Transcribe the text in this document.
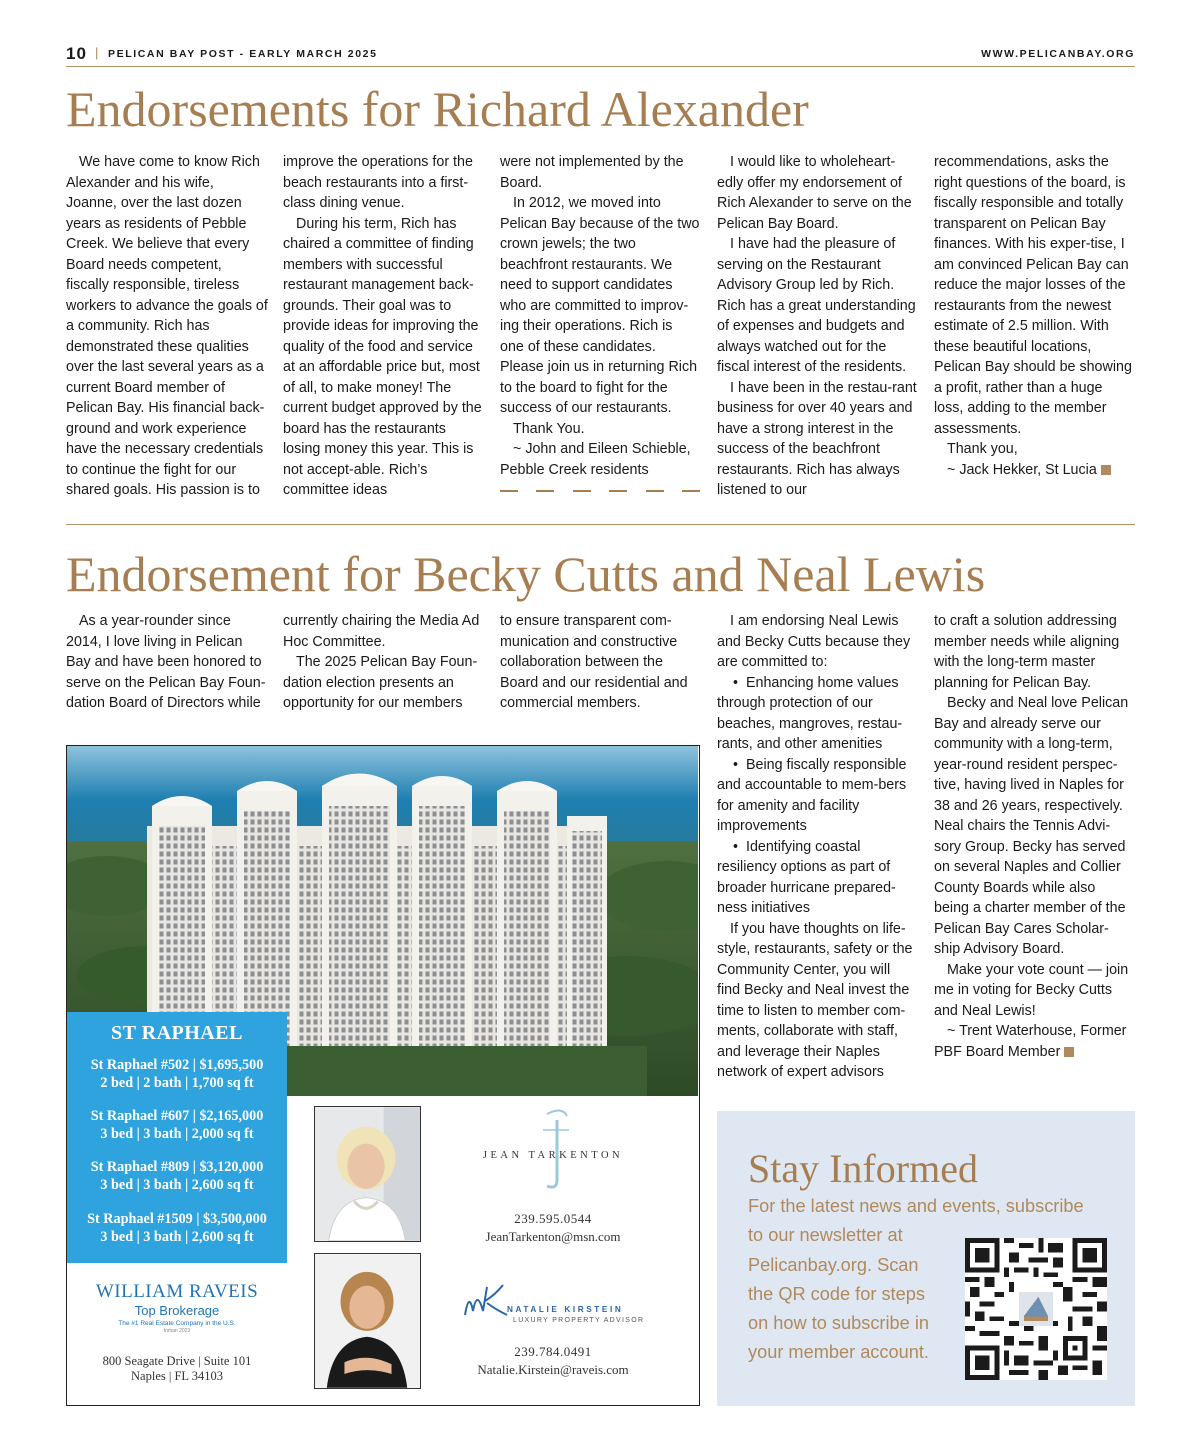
10 | PELICAN BAY POST - EARLY MARCH 2025	WWW.PELICANBAY.ORG
Endorsements for Richard Alexander

We have come to know Rich Alexander and his wife, Joanne, over the last dozen years as residents of Pebble Creek. We believe that every Board needs competent, fiscally responsible, tireless workers to advance the goals of a community. Rich has demonstrated these qualities over the last several years as a current Board member of Pelican Bay. His financial back-ground and work experience have the necessary credentials to continue the fight for our shared goals. His passion is to

improve the operations for the beach restaurants into a first-class dining venue.

During his term, Rich has chaired a committee of finding members with successful restaurant management back-grounds. Their goal was to provide ideas for improving the quality of the food and service at an affordable price but, most of all, to make money! The current budget approved by the board has the restaurants losing money this year. This is not accept-able. Rich’s committee ideas

were not implemented by the Board.

In 2012, we moved into Pelican Bay because of the two crown jewels; the two beachfront restaurants. We need to support candidates who are committed to improv-ing their operations. Rich is one of these candidates. Please join us in returning Rich to the board to fight for the success of our restaurants.

Thank You.

~ John and Eileen Schieble, Pebble Creek residents

I would like to wholeheart-edly offer my endorsement of Rich Alexander to serve on the Pelican Bay Board.

I have had the pleasure of serving on the Restaurant Advisory Group led by Rich. Rich has a great understanding of expenses and budgets and always watched out for the fiscal interest of the residents.

I have been in the restau-rant business for over 40 years and have a strong interest in the success of the beachfront restaurants. Rich has always listened to our

recommendations, asks the right questions of the board, is fiscally responsible and totally transparent on Pelican Bay finances. With his exper-tise, I am convinced Pelican Bay can reduce the major losses of the restaurants from the newest estimate of 2.5 million. With these beautiful locations, Pelican Bay should be showing a profit, rather than a huge loss, adding to the member assessments.

Thank you,

~ Jack Hekker, St Lucia

Endorsement for Becky Cutts and Neal Lewis

As a year-rounder since 2014, I love living in Pelican Bay and have been honored to serve on the Pelican Bay Foun-dation Board of Directors while

currently chairing the Media Ad Hoc Committee.

The 2025 Pelican Bay Foun-dation election presents an opportunity for our members

to ensure transparent com-munication and constructive collaboration between the Board and our residential and commercial members.

I am endorsing Neal Lewis and Becky Cutts because they are committed to:

• Enhancing home values through protection of our beaches, mangroves, restau-rants, and other amenities

• Being fiscally responsible and accountable to mem-bers for amenity and facility improvements

• Identifying coastal resiliency options as part of broader hurricane prepared-ness initiatives

If you have thoughts on life-style, restaurants, safety or the Community Center, you will find Becky and Neal invest the time to listen to member com-ments, collaborate with staff, and leverage their Naples network of expert advisors

to craft a solution addressing member needs while aligning with the long-term master planning for Pelican Bay.

Becky and Neal love Pelican Bay and already serve our community with a long-term, year-round resident perspec-tive, having lived in Naples for 38 and 26 years, respectively. Neal chairs the Tennis Advi-sory Group. Becky has served on several Naples and Collier County Boards while also being a charter member of the Pelican Bay Cares Scholar-ship Advisory Board.

Make your vote count — join me in voting for Becky Cutts and Neal Lewis!

~ Trent Waterhouse, Former PBF Board Member

ST RAPHAEL
St Raphael #502 | $1,695,500
2 bed | 2 bath | 1,700 sq ft
St Raphael #607 | $2,165,000
3 bed | 3 bath | 2,000 sq ft
St Raphael #809 | $3,120,000
3 bed | 3 bath | 2,600 sq ft
St Raphael #1509 | $3,500,000
3 bed | 3 bath | 2,600 sq ft
WILLIAM RAVEIS
Top Brokerage
The #1 Real Estate Company in the U.S.
Inman 2023
800 Seagate Drive | Suite 101
Naples | FL 34103
JEAN TARKENTON
239.595.0544
JeanTarkenton@msn.com
NATALIE KIRSTEIN
LUXURY PROPERTY ADVISOR
239.784.0491
Natalie.Kirstein@raveis.com
Stay Informed
For the latest news and events, subscribe
to our newsletter at Pelicanbay.org. Scan the QR code for steps on how to subscribe in your member account.
